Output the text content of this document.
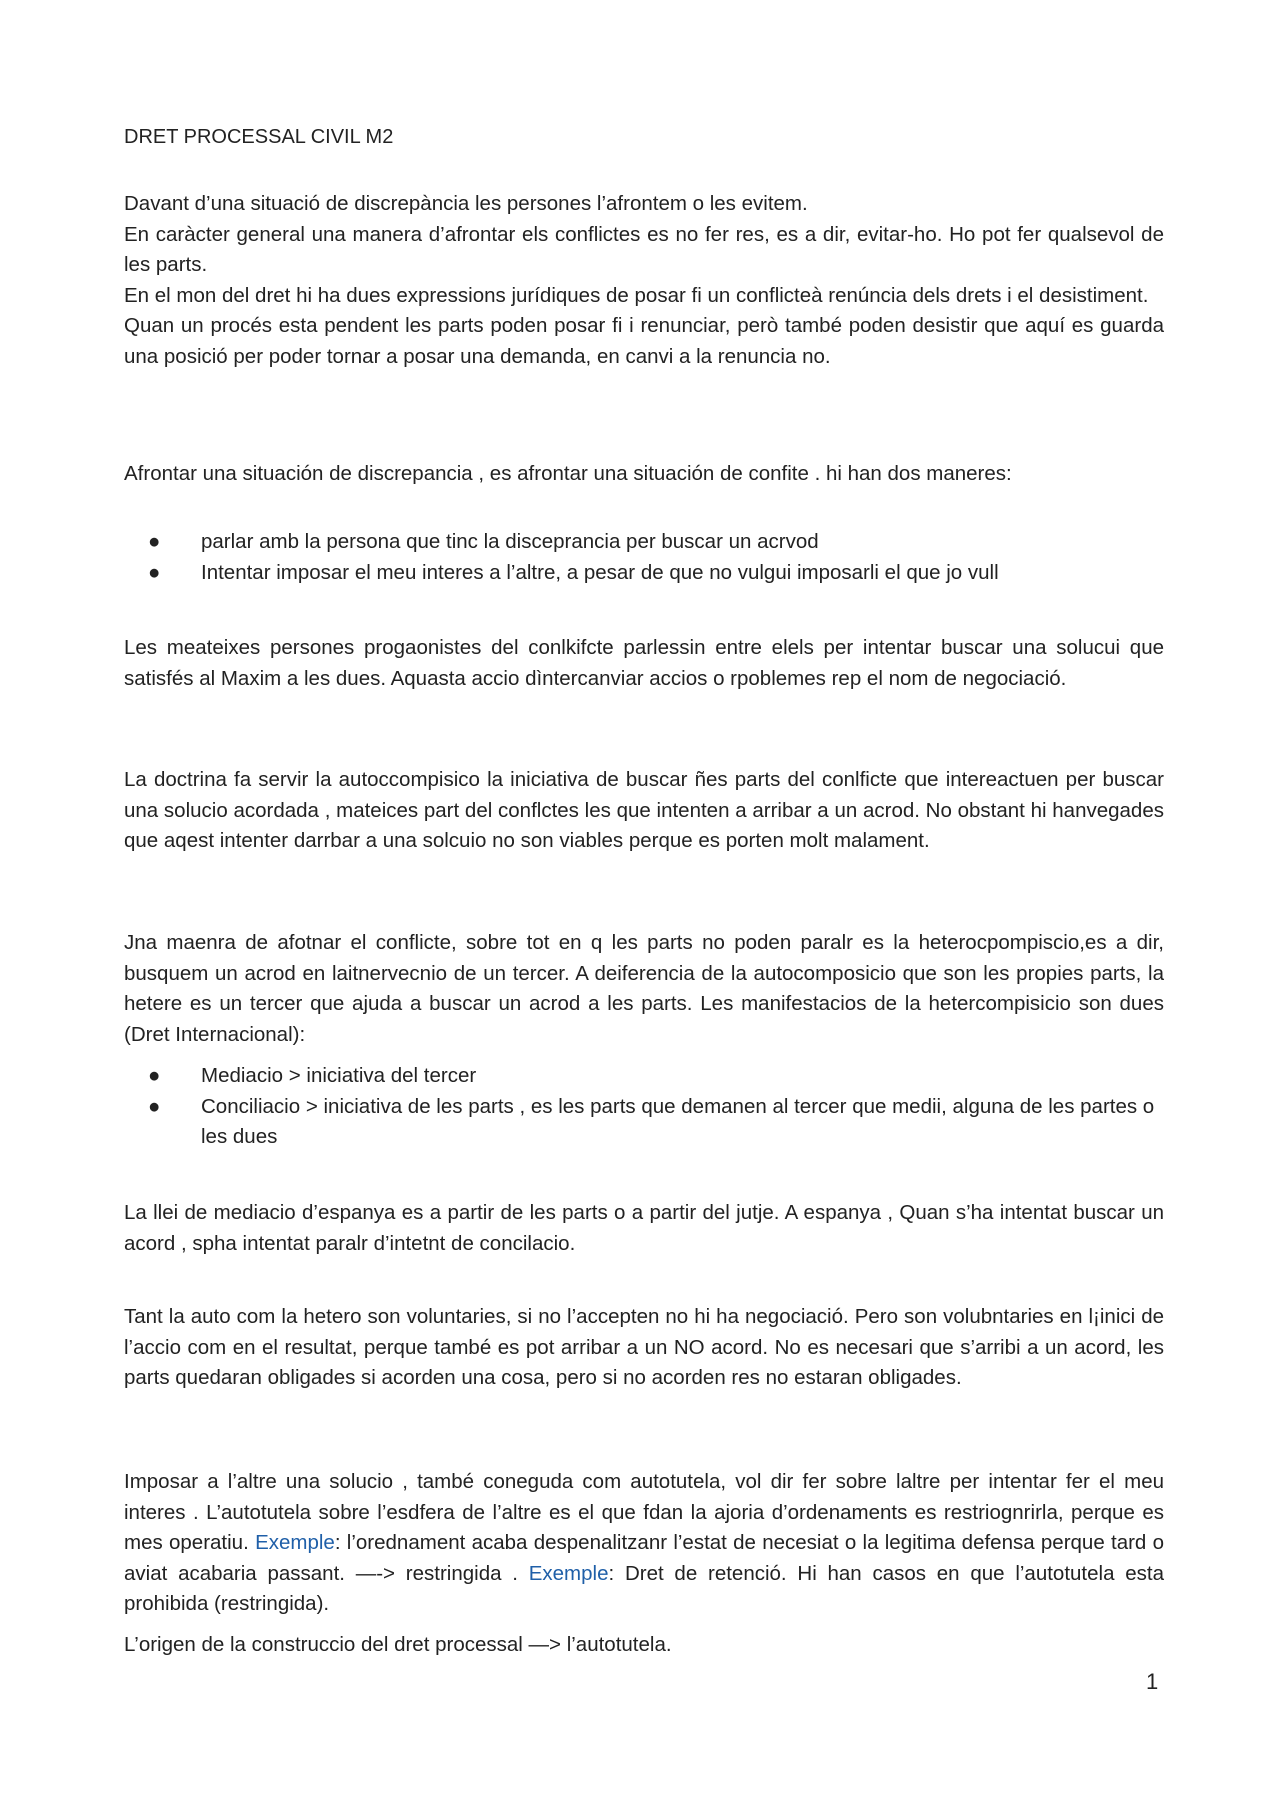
DRET PROCESSAL CIVIL M2
Davant d’una situació de discrepància les persones l’afrontem o les evitem.
En caràcter general una manera d’afrontar els conflictes es no fer res, es a dir, evitar-ho. Ho pot fer qualsevol de les parts.
En el mon del dret hi ha dues expressions jurídiques de posar fi un conflicteà renúncia dels drets i el desistiment.
Quan un procés esta pendent les parts poden posar fi i renunciar, però també poden desistir que aquí es guarda una posició per poder tornar a posar una demanda, en canvi a la renuncia no.

Afrontar una situación de discrepancia , es afrontar una situación de confite . hi han dos maneres:

● parlar amb la persona que tinc la disceprancia per buscar un acrvod
● Intentar imposar el meu interes a l’altre, a pesar de que no vulgui imposarli el que jo vull

Les meateixes persones progaonistes del conlkifcte parlessin entre elels per intentar buscar una solucui que satisfés al Maxim a les dues. Aquasta accio dìntercanviar accios o rpoblemes rep el nom de negociació.

La doctrina fa servir la autoccompisico la iniciativa de buscar ñes parts del conlficte que intereactuen per buscar una solucio acordada , mateices part del conflctes les que intenten a arribar a un acrod. No obstant hi hanvegades que aqest intenter darrbar a una solcuio no son viables perque es porten molt malament.

Jna maenra de afotnar el conflicte, sobre tot en q les parts no poden paralr es la heterocpompiscio,es a dir, busquem un acrod en laitnervecnio de un tercer. A deiferencia de la autocomposicio que son les propies parts, la hetere es un tercer que ajuda a buscar un acrod a les parts. Les manifestacios de la hetercompisicio son dues (Dret Internacional):

● Mediacio > iniciativa del tercer
● Conciliacio > iniciativa de les parts , es les parts que demanen al tercer que medii, alguna de les partes o les dues

La llei de mediacio d’espanya es a partir de les parts o a partir del jutje. A espanya , Quan s’ha intentat buscar un acord , spha intentat paralr d’intetnt de concilacio.

Tant la auto com la hetero son voluntaries, si no l’accepten no hi ha negociació. Pero son volubntaries en l¡inici de l’accio com en el resultat, perque també es pot arribar a un NO acord. No es necesari que s’arribi a un acord, les parts quedaran obligades si acorden una cosa, pero si no acorden res no estaran obligades.

Imposar a l’altre una solucio , també coneguda com autotutela, vol dir fer sobre laltre per intentar fer el meu interes . L’autotutela sobre l’esdfera de l’altre es el que fdan la ajoria d’ordenaments es restriognrirla, perque es mes operatiu. Exemple: l’oredname​nt acaba despenalitzanr l’estat de necesiat o la legitima defensa perque tard o aviat acabaria passant. —-> restringida . Exemple: Dret de retenció. Hi han casos en que l’autotutela esta prohibida (restringida).

L’origen de la construccio del dret processal —> l’autotutela.

1
